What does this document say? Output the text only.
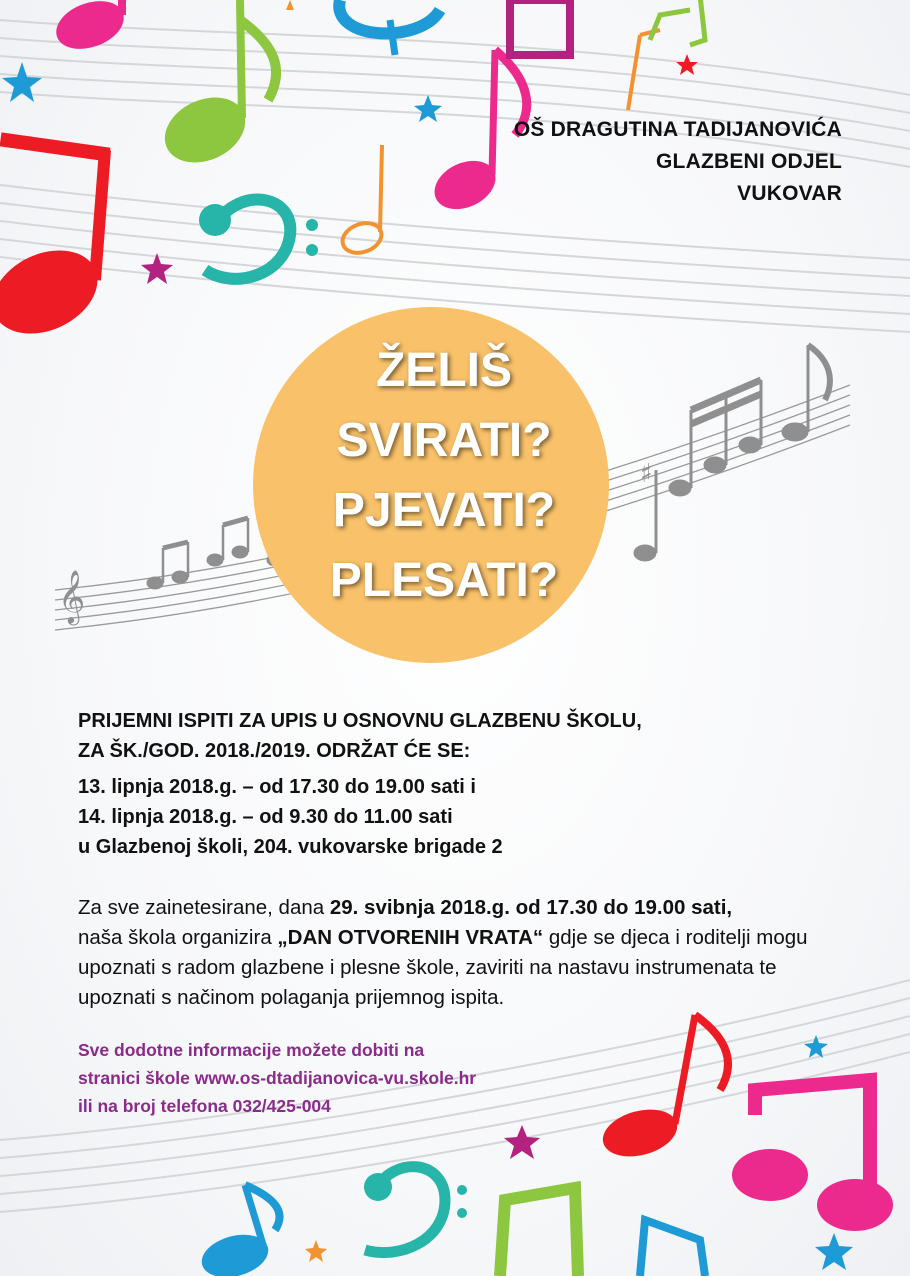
𝄞
♯
OŠ DRAGUTINA TADIJANOVIĆA
GLAZBENI ODJEL
VUKOVAR
ŽELIŠ
SVIRATI?
PJEVATI?
PLESATI?
PRIJEMNI ISPITI ZA UPIS U OSNOVNU GLAZBENU ŠKOLU,
ZA ŠK./GOD. 2018./2019. ODRŽAT ĆE SE:
13. lipnja 2018.g. – od 17.30 do 19.00 sati i
14. lipnja 2018.g. – od 9.30 do 11.00 sati
u Glazbenoj školi, 204. vukovarske brigade 2
Za sve zainetesirane, dana 29. svibnja 2018.g. od 17.30 do 19.00 sati,
naša škola organizira „DAN OTVORENIH VRATA“ gdje se djeca i roditelji mogu upoznati s radom glazbene i plesne škole, zaviriti na nastavu instrumenata te upoznati s načinom polaganja prijemnog ispita.
Sve dodotne informacije možete dobiti na
stranici škole www.os-dtadijanovica-vu.skole.hr
ili na broj telefona 032/425-004
